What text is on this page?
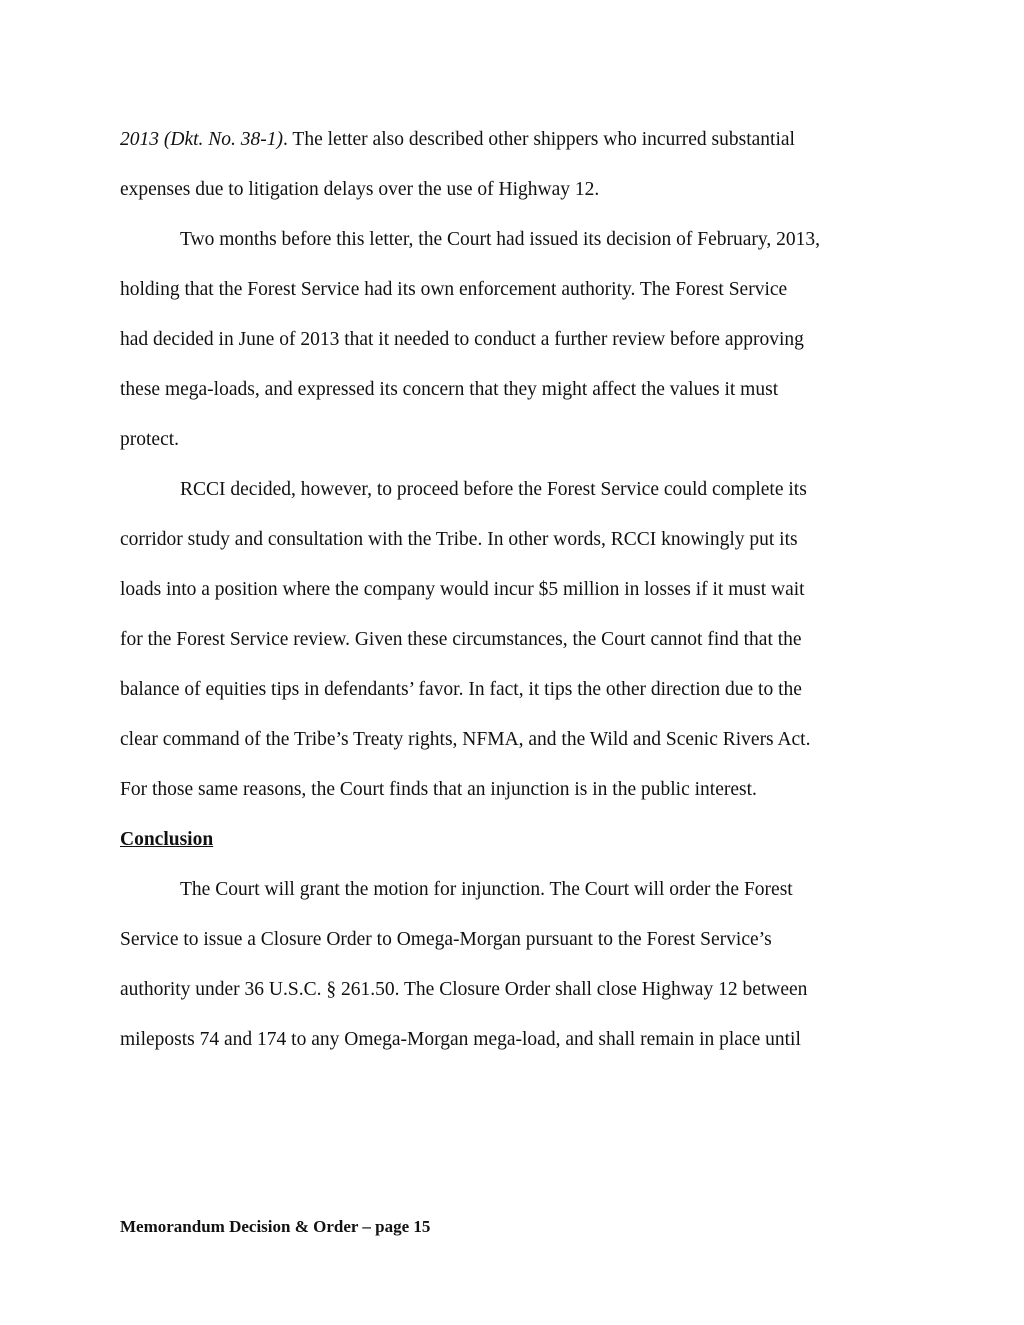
2013 (Dkt. No. 38-1). The letter also described other shippers who incurred substantial
expenses due to litigation delays over the use of Highway 12.
Two months before this letter, the Court had issued its decision of February, 2013,
holding that the Forest Service had its own enforcement authority. The Forest Service
had decided in June of 2013 that it needed to conduct a further review before approving
these mega-loads, and expressed its concern that they might affect the values it must
protect.
RCCI decided, however, to proceed before the Forest Service could complete its
corridor study and consultation with the Tribe. In other words, RCCI knowingly put its
loads into a position where the company would incur $5 million in losses if it must wait
for the Forest Service review. Given these circumstances, the Court cannot find that the
balance of equities tips in defendants’ favor. In fact, it tips the other direction due to the
clear command of the Tribe’s Treaty rights, NFMA, and the Wild and Scenic Rivers Act.
For those same reasons, the Court finds that an injunction is in the public interest.
Conclusion
The Court will grant the motion for injunction. The Court will order the Forest
Service to issue a Closure Order to Omega-Morgan pursuant to the Forest Service’s
authority under 36 U.S.C. § 261.50. The Closure Order shall close Highway 12 between
mileposts 74 and 174 to any Omega-Morgan mega-load, and shall remain in place until
Memorandum Decision & Order – page 15
